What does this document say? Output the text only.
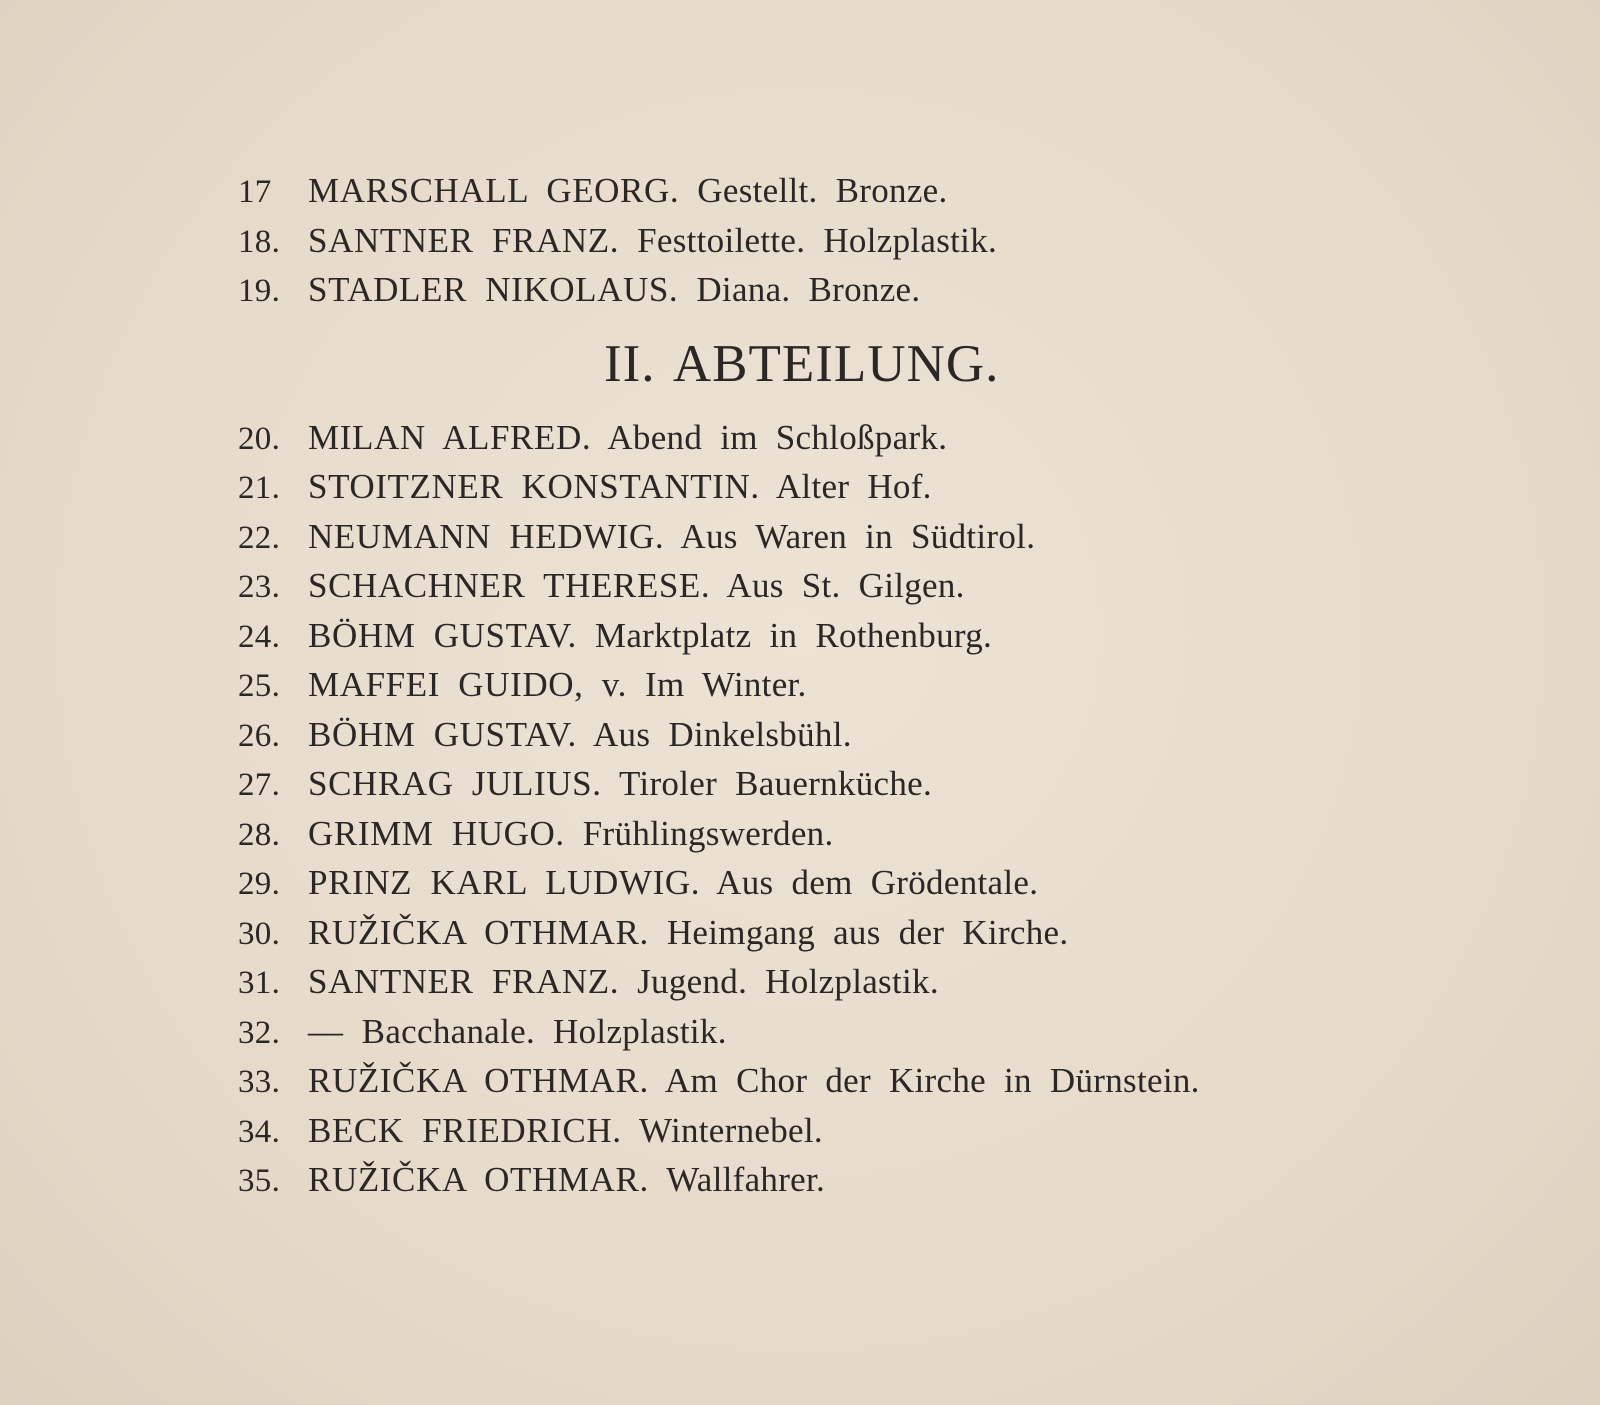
17 MARSCHALL GEORG. Gestellt. Bronze.
18. SANTNER FRANZ. Festtoilette. Holzplastik.
19. STADLER NIKOLAUS. Diana. Bronze.
II. ABTEILUNG.
20. MILAN ALFRED. Abend im Schloßpark.
21. STOITZNER KONSTANTIN. Alter Hof.
22. NEUMANN HEDWIG. Aus Waren in Südtirol.
23. SCHACHNER THERESE. Aus St. Gilgen.
24. BÖHM GUSTAV. Marktplatz in Rothenburg.
25. MAFFEI GUIDO, v. Im Winter.
26. BÖHM GUSTAV. Aus Dinkelsbühl.
27. SCHRAG JULIUS. Tiroler Bauernküche.
28. GRIMM HUGO. Frühlingswerden.
29. PRINZ KARL LUDWIG. Aus dem Grödentale.
30. RUŽIČKA OTHMAR. Heimgang aus der Kirche.
31. SANTNER FRANZ. Jugend. Holzplastik.
32. — Bacchanale. Holzplastik.
33. RUŽIČKA OTHMAR. Am Chor der Kirche in Dürnstein.
34. BECK FRIEDRICH. Winternebel.
35. RUŽIČKA OTHMAR. Wallfahrer.
